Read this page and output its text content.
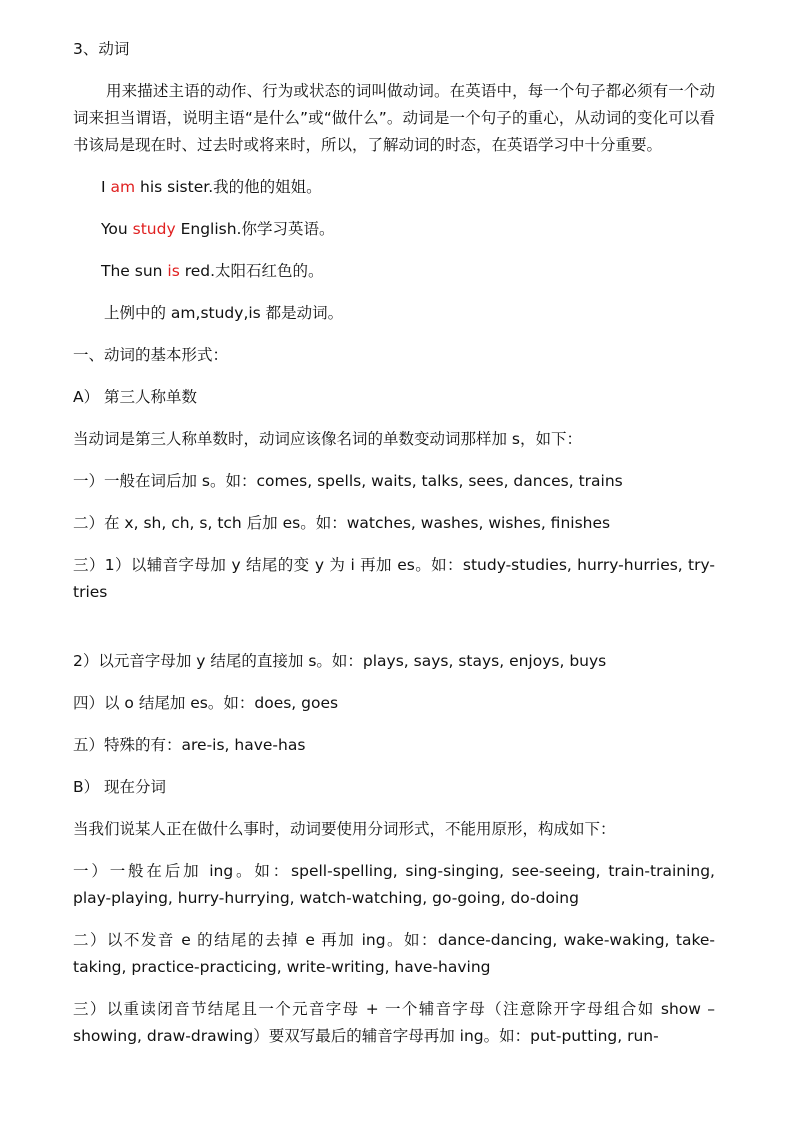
3、动词

用来描述主语的动作、行为或状态的词叫做动词。在英语中，每一个句子都必须有一个动词来担当谓语，说明主语“是什么”或“做什么”。动词是一个句子的重心，从动词的变化可以看书该局是现在时、过去时或将来时，所以，了解动词的时态，在英语学习中十分重要。

I am his sister.我的他的姐姐。

You study English.你学习英语。

The sun is red.太阳石红色的。

上例中的 am,study,is 都是动词。

一、动词的基本形式：

A） 第三人称单数

当动词是第三人称单数时，动词应该像名词的单数变动词那样加 s，如下：

一）一般在词后加 s。如：comes, spells, waits, talks, sees, dances, trains

二）在 x, sh, ch, s, tch 后加 es。如：watches, washes, wishes, finishes

三）1）以辅音字母加 y 结尾的变 y 为 i 再加 es。如：study-studies, hurry-hurries, try-tries

2）以元音字母加 y 结尾的直接加 s。如：plays, says, stays, enjoys, buys

四）以 o 结尾加 es。如：does, goes

五）特殊的有：are-is, have-has

B） 现在分词

当我们说某人正在做什么事时，动词要使用分词形式，不能用原形，构成如下：

一）一般在后加 ing。如：spell-spelling, sing-singing, see-seeing, train-training, play-playing, hurry-hurrying, watch-watching, go-going, do-doing

二）以不发音 e 的结尾的去掉 e 再加 ing。如：dance-dancing, wake-waking, take-taking, practice-practicing, write-writing, have-having

三）以重读闭音节结尾且一个元音字母 + 一个辅音字母（注意除开字母组合如 show – showing, draw-drawing）要双写最后的辅音字母再加 ing。如：put-putting, run-
